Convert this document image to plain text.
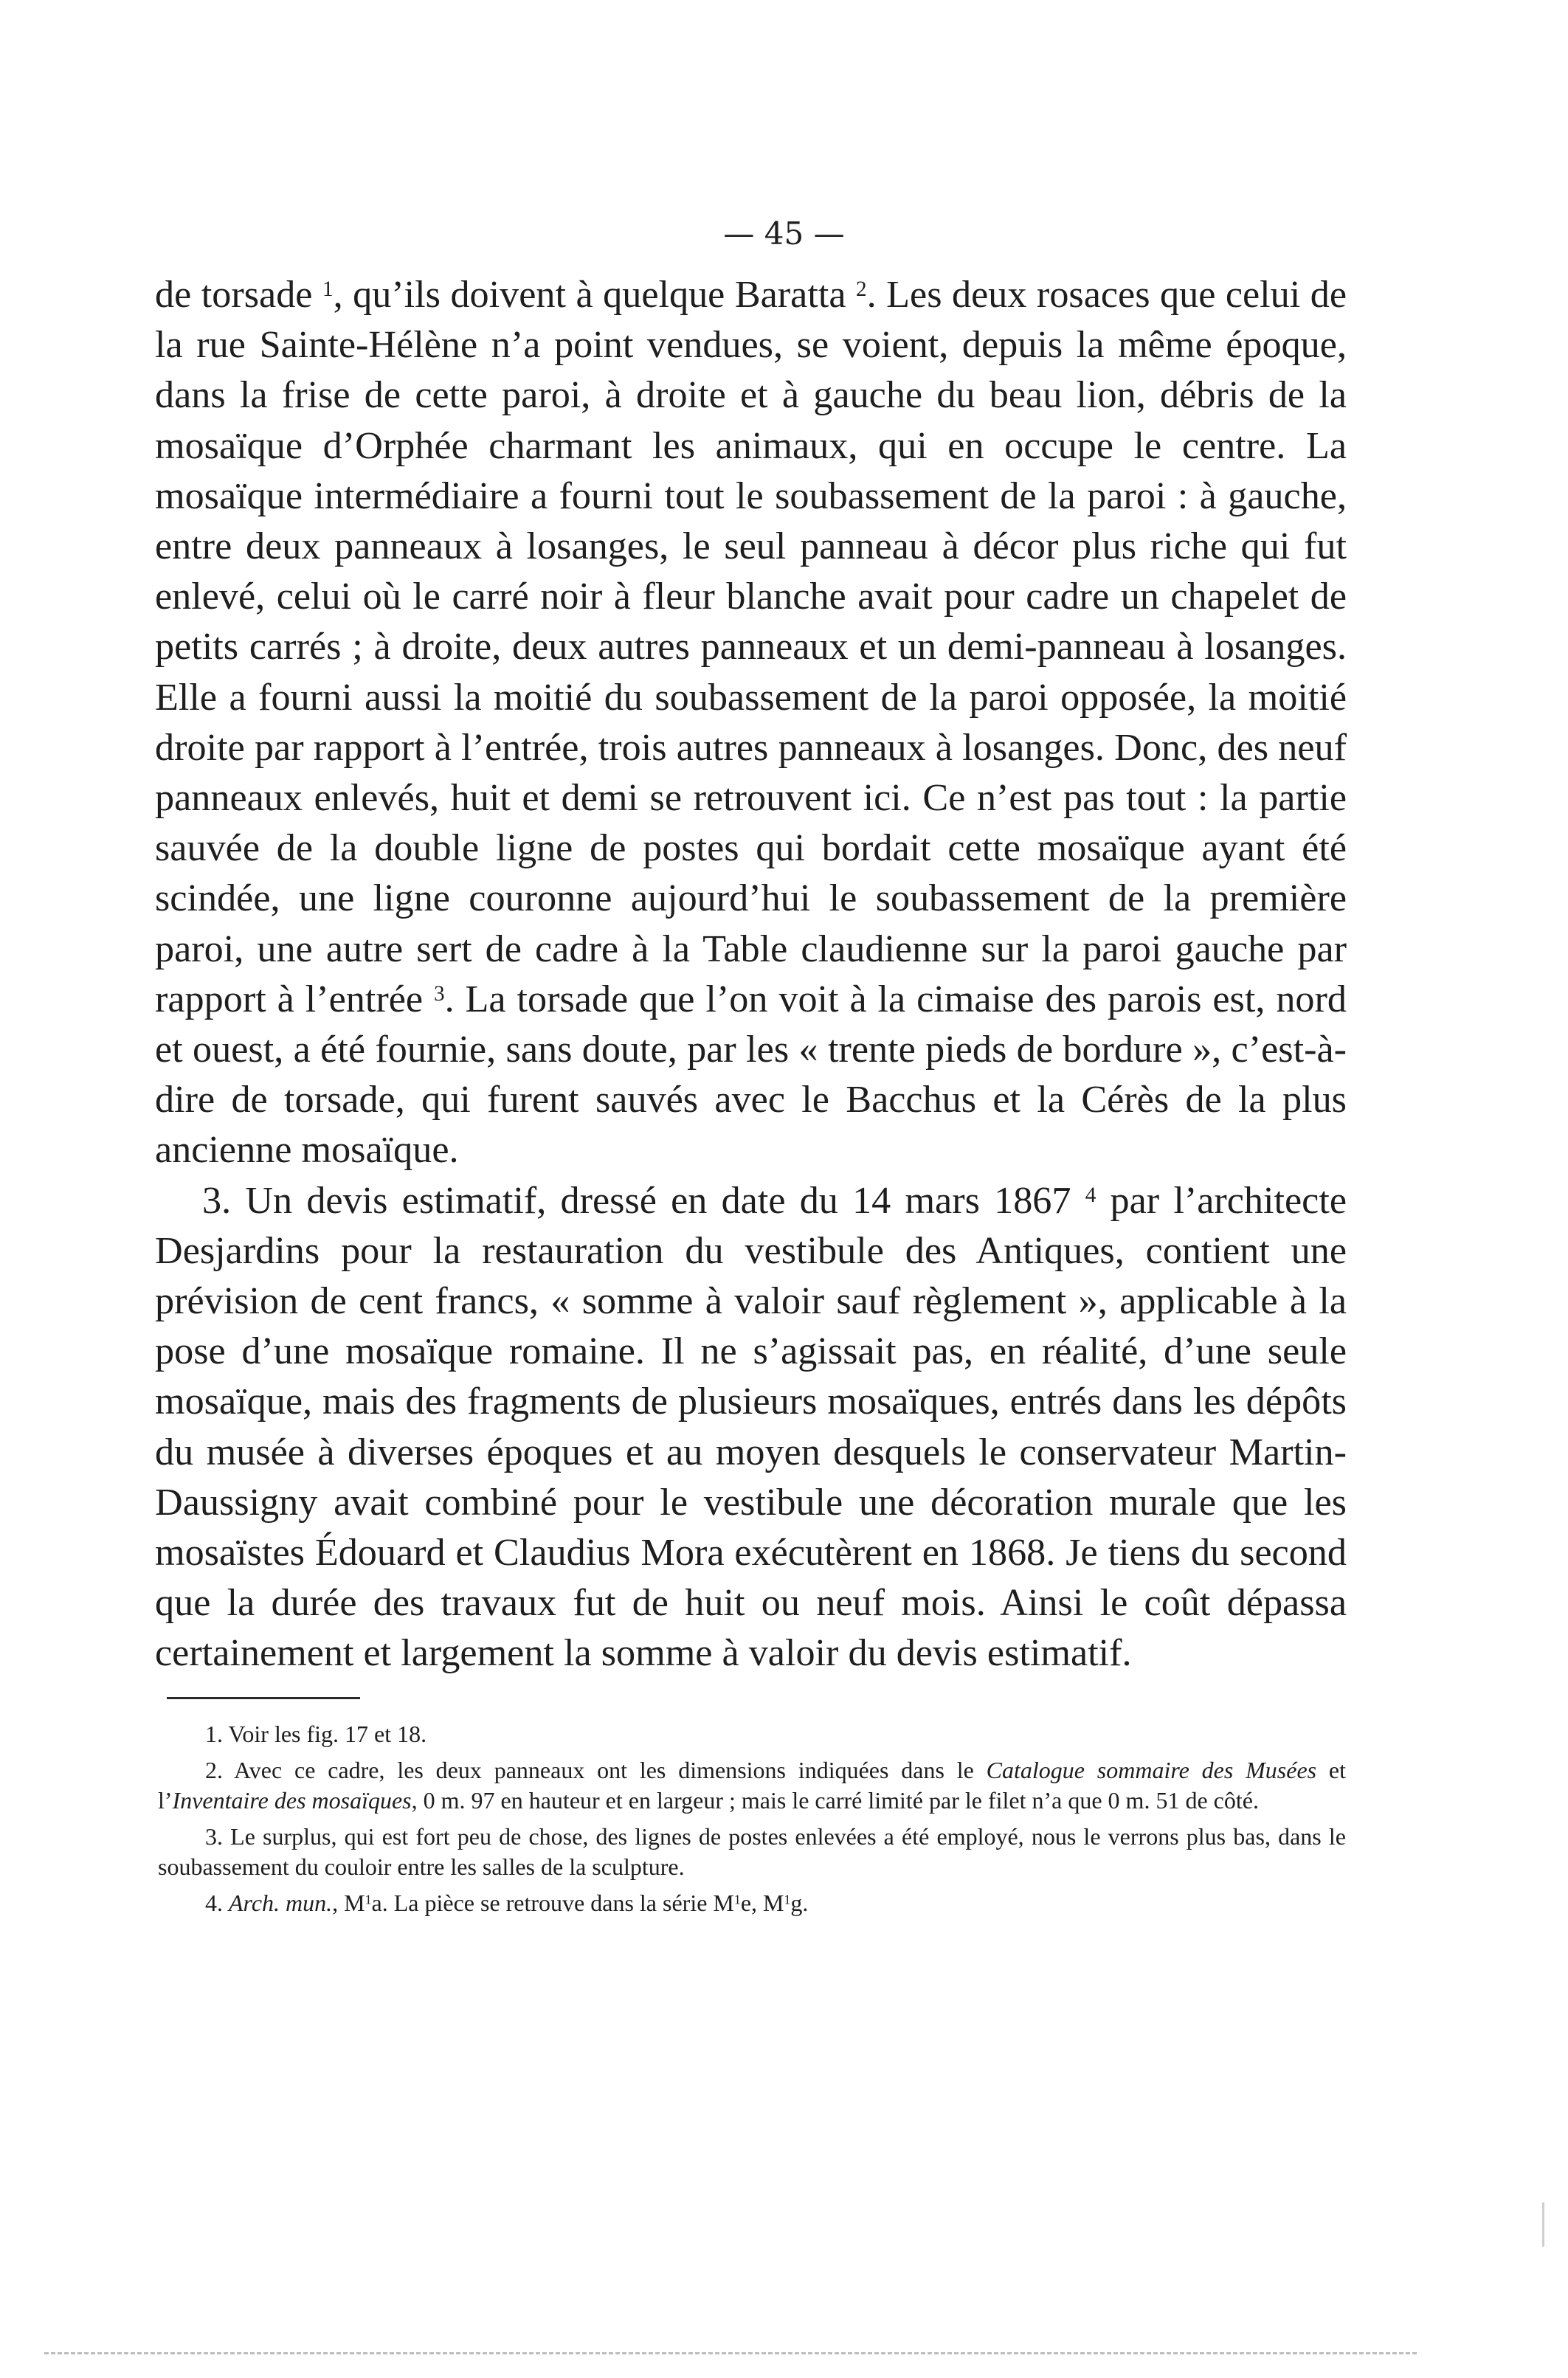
— 45 —

de torsade $^1$, qu’ils doivent à quelque Baratta $^2$. Les deux rosaces que celui de la rue Sainte-Hélène n’a point vendues, se voient, depuis la même époque, dans la frise de cette paroi, à droite et à gauche du beau lion, débris de la mosaïque d’Orphée charmant les animaux, qui en occupe le centre. La mosaïque intermédiaire a fourni tout le soubassement de la paroi : à gauche, entre deux panneaux à losanges, le seul panneau à décor plus riche qui fut enlevé, celui où le carré noir à fleur blanche avait pour cadre un chapelet de petits carrés ; à droite, deux autres panneaux et un demi-panneau à losanges. Elle a fourni aussi la moitié du soubassement de la paroi opposée, la moitié droite par rapport à l’entrée, trois autres panneaux à losanges. Donc, des neuf panneaux enlevés, huit et demi se retrouvent ici. Ce n’est pas tout : la partie sauvée de la double ligne de postes qui bordait cette mosaïque ayant été scindée, une ligne couronne aujourd’hui le soubassement de la première paroi, une autre sert de cadre à la Table claudienne sur la paroi gauche par rapport à l’entrée $^3$. La torsade que l’on voit à la cimaise des parois est, nord et ouest, a été fournie, sans doute, par les « trente pieds de bordure », c’est-à-dire de torsade, qui furent sauvés avec le Bacchus et la Cérès de la plus ancienne mosaïque.

3. Un devis estimatif, dressé en date du 14 mars 1867 $^4$ par l’architecte Desjardins pour la restauration du vestibule des Antiques, contient une prévision de cent francs, « somme à valoir sauf règlement », applicable à la pose d’une mosaïque romaine. Il ne s’agissait pas, en réalité, d’une seule mosaïque, mais des fragments de plusieurs mosaïques, entrés dans les dépôts du musée à diverses époques et au moyen desquels le conservateur Martin-Daussigny avait combiné pour le vestibule une décoration murale que les mosaïstes Édouard et Claudius Mora exécutèrent en 1868. Je tiens du second que la durée des travaux fut de huit ou neuf mois. Ainsi le coût dépassa certainement et largement la somme à valoir du devis estimatif.

1. Voir les fig. 17 et 18.

2. Avec ce cadre, les deux panneaux ont les dimensions indiquées dans le Catalogue sommaire des Musées et l’Inventaire des mosaïques, 0 m. 97 en hauteur et en largeur ; mais le carré limité par le filet n’a que 0 m. 51 de côté.

3. Le surplus, qui est fort peu de chose, des lignes de postes enlevées a été employé, nous le verrons plus bas, dans le soubassement du couloir entre les salles de la sculpture.

4. Arch. mun., $M^1a$. La pièce se retrouve dans la série $M^1e$, $M^1g$.
